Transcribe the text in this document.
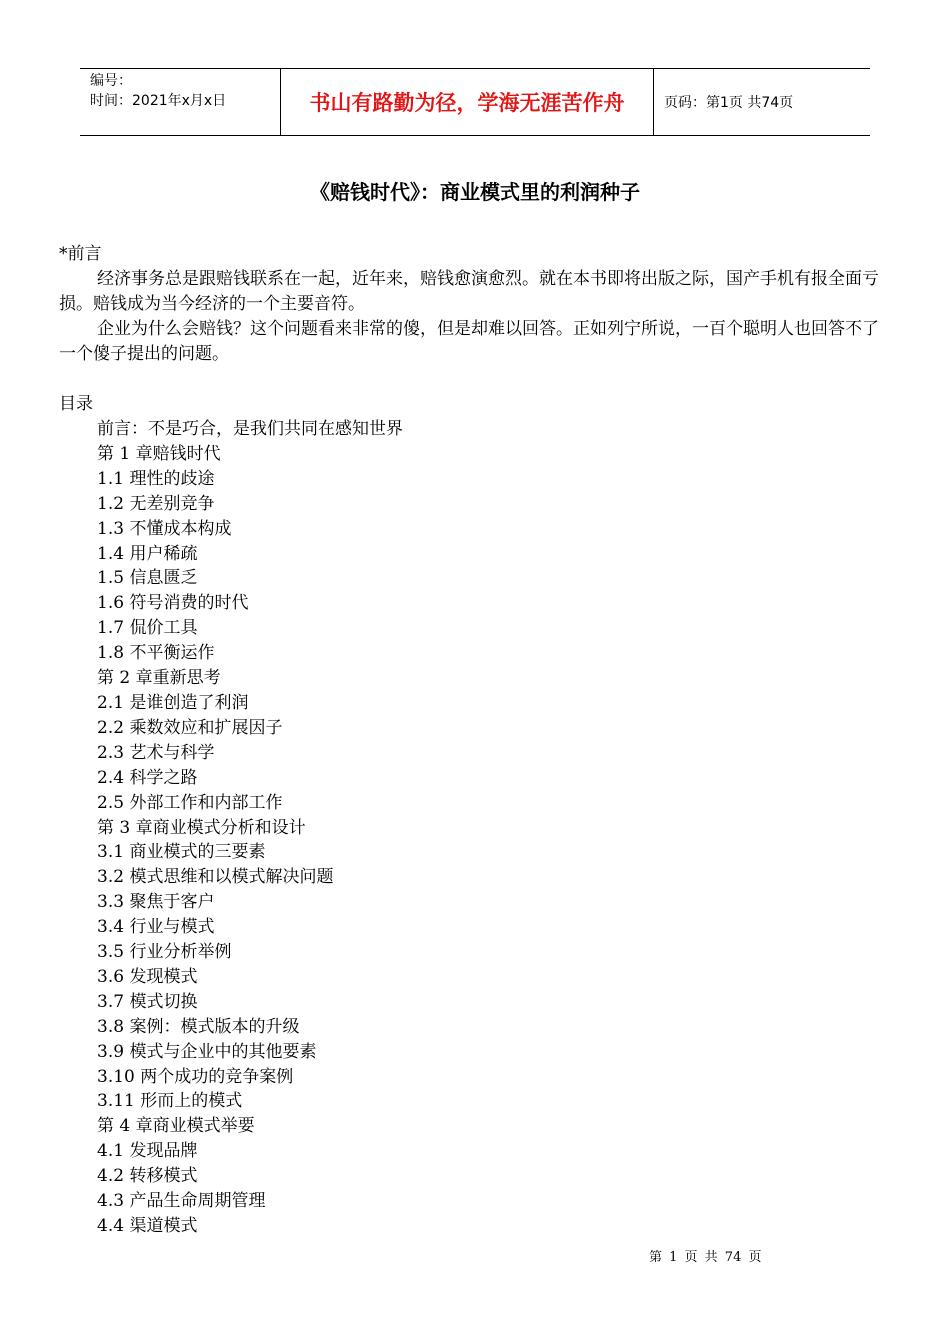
编号：
时间：2021年x月x日	书山有路勤为径，学海无涯苦作舟	页码：第1页 共74页
《赔钱时代》：商业模式里的利润种子

*前言

经济事务总是跟赔钱联系在一起，近年来，赔钱愈演愈烈。就在本书即将出版之际，国产手机有报全面亏损。赔钱成为当今经济的一个主要音符。

企业为什么会赔钱？这个问题看来非常的傻，但是却难以回答。正如列宁所说，一百个聪明人也回答不了一个傻子提出的问题。

目录

前言：不是巧合，是我们共同在感知世界
第 1 章赔钱时代
1.1 理性的歧途
1.2 无差别竞争
1.3 不懂成本构成
1.4 用户稀疏
1.5 信息匮乏
1.6 符号消费的时代
1.7 侃价工具
1.8 不平衡运作
第 2 章重新思考
2.1 是谁创造了利润
2.2 乘数效应和扩展因子
2.3 艺术与科学
2.4 科学之路
2.5 外部工作和内部工作
第 3 章商业模式分析和设计
3.1 商业模式的三要素
3.2 模式思维和以模式解决问题
3.3 聚焦于客户
3.4 行业与模式
3.5 行业分析举例
3.6 发现模式
3.7 模式切换
3.8 案例：模式版本的升级
3.9 模式与企业中的其他要素
3.10 两个成功的竞争案例
3.11 形而上的模式
第 4 章商业模式举要
4.1 发现品牌
4.2 转移模式
4.3 产品生命周期管理
4.4 渠道模式
第 1 页 共 74 页
